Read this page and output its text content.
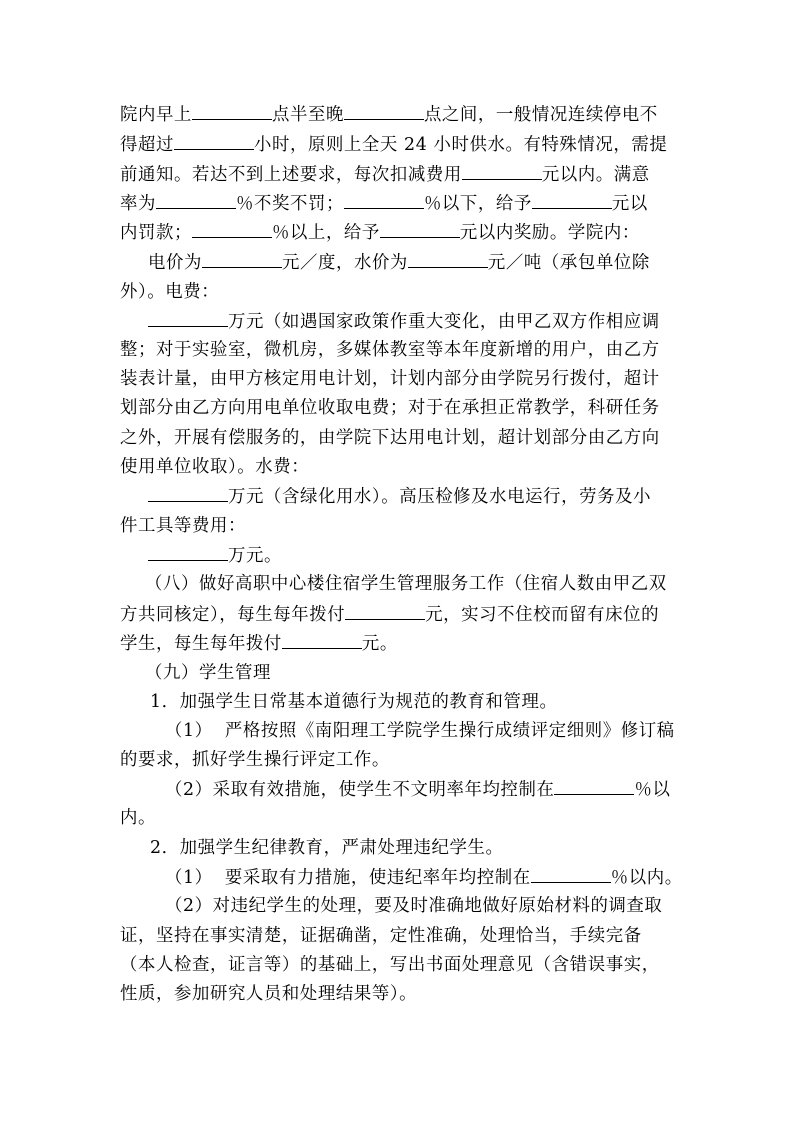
院内早上	点半至晚	点之间，一般情况连续停电不
得超过	小时，原则上全天 24 小时供水。有特殊情况，需提
前通知。若达不到上述要求，每次扣减费用	元以内。满意
率为	％不奖不罚；	％以下，给予	元以
内罚款；	％以上，给予	元以内奖励。学院内：
电价为	元／度，水价为	元／吨（承包单位除
外）。电费：
万元（如遇国家政策作重大变化，由甲乙双方作相应调
整；对于实验室，微机房，多媒体教室等本年度新增的用户，由乙方
装表计量，由甲方核定用电计划，计划内部分由学院另行拨付，超计
划部分由乙方向用电单位收取电费；对于在承担正常教学，科研任务
之外，开展有偿服务的，由学院下达用电计划，超计划部分由乙方向
使用单位收取）。水费：
万元（含绿化用水）。高压检修及水电运行，劳务及小
件工具等费用：
万元。
（八）做好高职中心楼住宿学生管理服务工作（住宿人数由甲乙双
方共同核定），每生每年拨付	元，实习不住校而留有床位的
学生，每生每年拨付	元。
（九）学生管理
1．加强学生日常基本道德行为规范的教育和管理。
（1）  严格按照《南阳理工学院学生操行成绩评定细则》修订稿
的要求，抓好学生操行评定工作。
（2）采取有效措施，使学生不文明率年均控制在	％以
内。
2．加强学生纪律教育，严肃处理违纪学生。
（1）  要采取有力措施，使违纪率年均控制在	％以内。
（2）对违纪学生的处理，要及时准确地做好原始材料的调查取
证，坚持在事实清楚，证据确凿，定性准确，处理恰当，手续完备
（本人检查，证言等）的基础上，写出书面处理意见（含错误事实，
性质，参加研究人员和处理结果等）。
